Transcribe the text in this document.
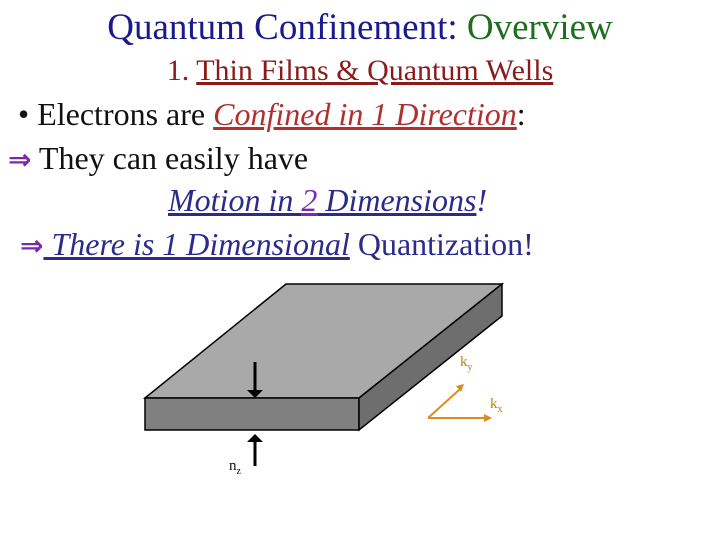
Quantum Confinement: Overview
1. Thin Films & Quantum Wells
• Electrons are Confined in 1 Direction:
⇒ They can easily have
Motion in 2 Dimensions!
⇒ There is 1 Dimensional Quantization!
$k_y$
$k_x$
$n_z$
